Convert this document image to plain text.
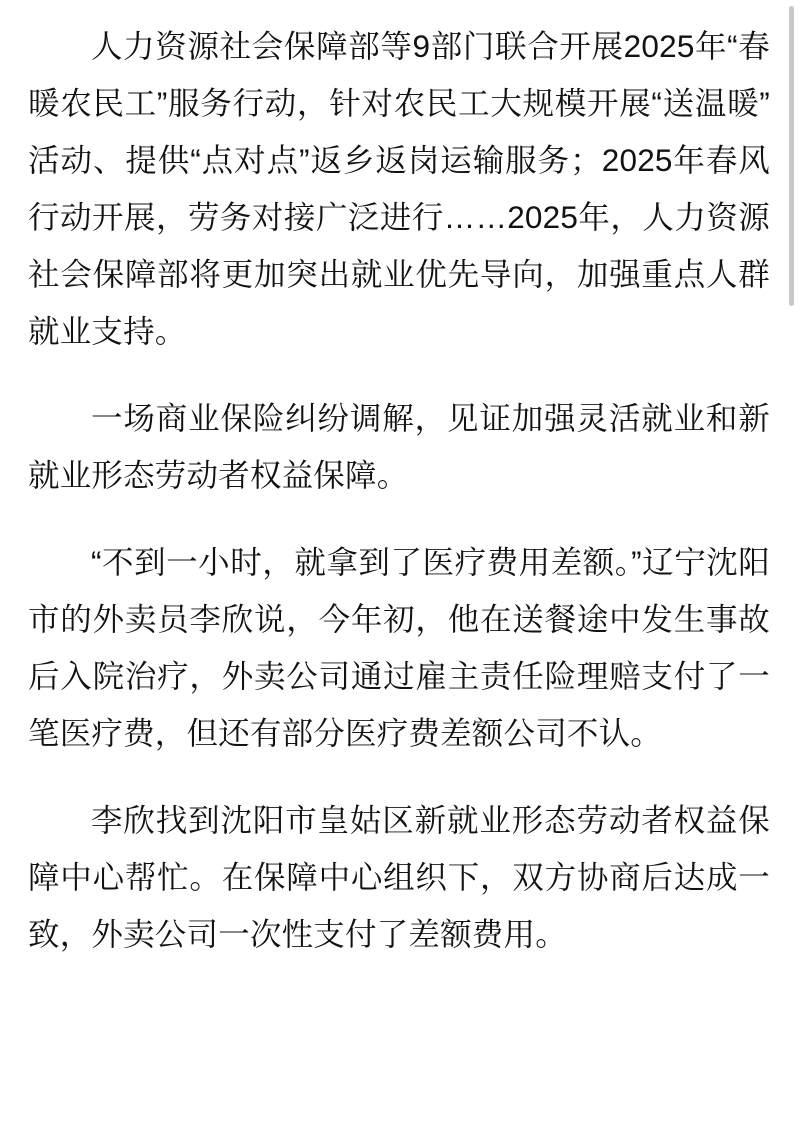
人力资源社会保障部等9部门联合开展2025年“春暖农民工”服务行动，针对农民工大规模开展“送温暖”活动、提供“点对点”返乡返岗运输服务；2025年春风行动开展，劳务对接广泛进行……2025年，人力资源社会保障部将更加突出就业优先导向，加强重点人群就业支持。

一场商业保险纠纷调解，见证加强灵活就业和新就业形态劳动者权益保障。

“不到一小时，就拿到了医疗费用差额。”辽宁沈阳市的外卖员李欣说，今年初，他在送餐途中发生事故后入院治疗，外卖公司通过雇主责任险理赔支付了一笔医疗费，但还有部分医疗费差额公司不认。

李欣找到沈阳市皇姑区新就业形态劳动者权益保障中心帮忙。在保障中心组织下，双方协商后达成一致，外卖公司一次性支付了差额费用。
